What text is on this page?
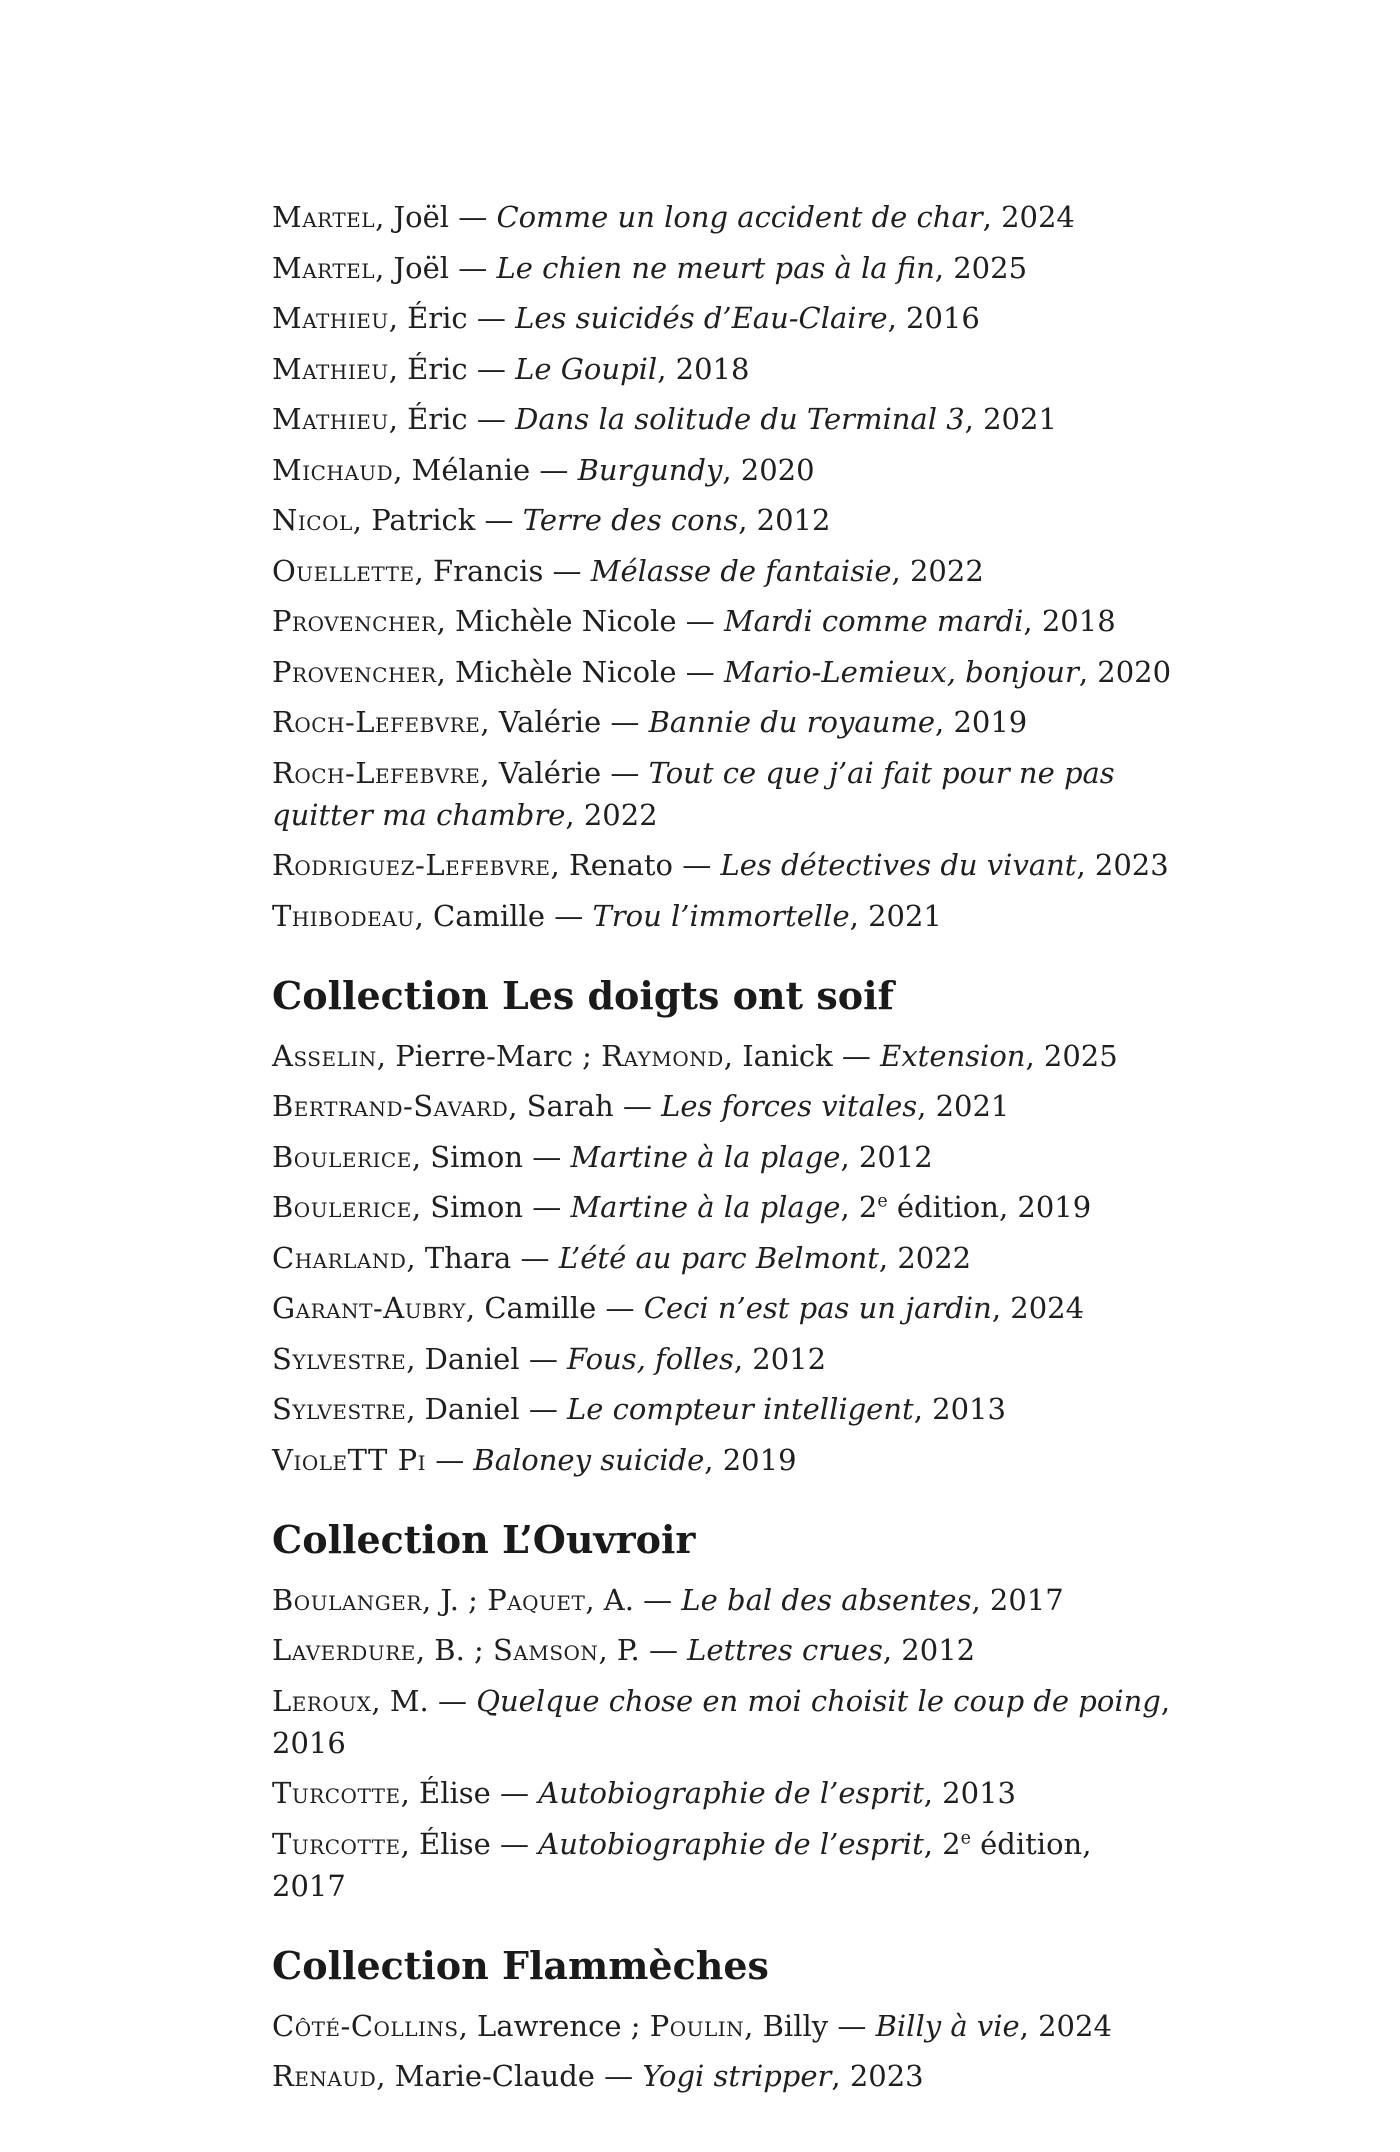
Martel, Joël — Comme un long accident de char, 2024

Martel, Joël — Le chien ne meurt pas à la fin, 2025

Mathieu, Éric — Les suicidés d’Eau-Claire, 2016

Mathieu, Éric — Le Goupil, 2018

Mathieu, Éric — Dans la solitude du Terminal 3, 2021

Michaud, Mélanie — Burgundy, 2020

Nicol, Patrick — Terre des cons, 2012

Ouellette, Francis — Mélasse de fantaisie, 2022

Provencher, Michèle Nicole — Mardi comme mardi, 2018

Provencher, Michèle Nicole — Mario-Lemieux, bonjour, 2020

Roch-Lefebvre, Valérie — Bannie du royaume, 2019

Roch-Lefebvre, Valérie — Tout ce que j’ai fait pour ne pas quitter ma chambre, 2022

Rodriguez-Lefebvre, Renato — Les détectives du vivant, 2023

Thibodeau, Camille — Trou l’immortelle, 2021

Collection Les doigts ont soif

Asselin, Pierre-Marc ; Raymond, Ianick — Extension, 2025

Bertrand-Savard, Sarah — Les forces vitales, 2021

Boulerice, Simon — Martine à la plage, 2012

Boulerice, Simon — Martine à la plage, 2e édition, 2019

Charland, Thara — L’été au parc Belmont, 2022

Garant-Aubry, Camille — Ceci n’est pas un jardin, 2024

Sylvestre, Daniel — Fous, folles, 2012

Sylvestre, Daniel — Le compteur intelligent, 2013

VioleTT Pi — Baloney suicide, 2019

Collection L’Ouvroir

Boulanger, J. ; Paquet, A. — Le bal des absentes, 2017

Laverdure, B. ; Samson, P. — Lettres crues, 2012

Leroux, M. — Quelque chose en moi choisit le coup de poing, 2016

Turcotte, Élise — Autobiographie de l’esprit, 2013

Turcotte, Élise — Autobiographie de l’esprit, 2e édition, 2017

Collection Flammèches

Côté-Collins, Lawrence ; Poulin, Billy — Billy à vie, 2024

Renaud, Marie-Claude — Yogi stripper, 2023
